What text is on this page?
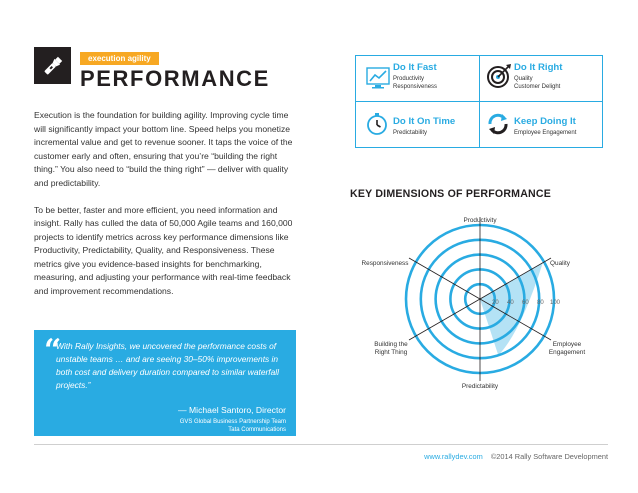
execution agility
PERFORMANCE

Execution is the foundation for building agility. Improving cycle time will significantly impact your bottom line. Speed helps you monetize incremental value and get to revenue sooner. It taps the voice of the customer early and often, ensuring that you’re “building the right thing.” You also need to “build the thing right” — deliver with quality and predictability.

To be better, faster and more efficient, you need information and insight. Rally has culled the data of 50,000 Agile teams and 160,000 projects to identify metrics across key performance dimensions like Productivity, Predictability, Quality, and Responsiveness. These metrics give you evidence-based insights for benchmarking, measuring, and adjusting your performance with real-time feedback and improvement recommendations.

“
With Rally Insights, we uncovered the performance costs of unstable teams … and are seeing 30–50% improvements in both cost and delivery duration compared to similar waterfall projects.”
— Michael Santoro, Director
GVS Global Business Partnership Team
Tata Communications
Do It Fast
Productivity
Responsiveness
Do It Right
Quality
Customer Delight
Do It On Time
Predictability
Keep Doing It
Employee Engagement
KEY DIMENSIONS OF PERFORMANCE
Productivity
Quality
Employee
Engagement
Predictability
Building the
Right Thing
Responsiveness
20 40 60 80 100
www.rallydev.com ©2014 Rally Software Development
